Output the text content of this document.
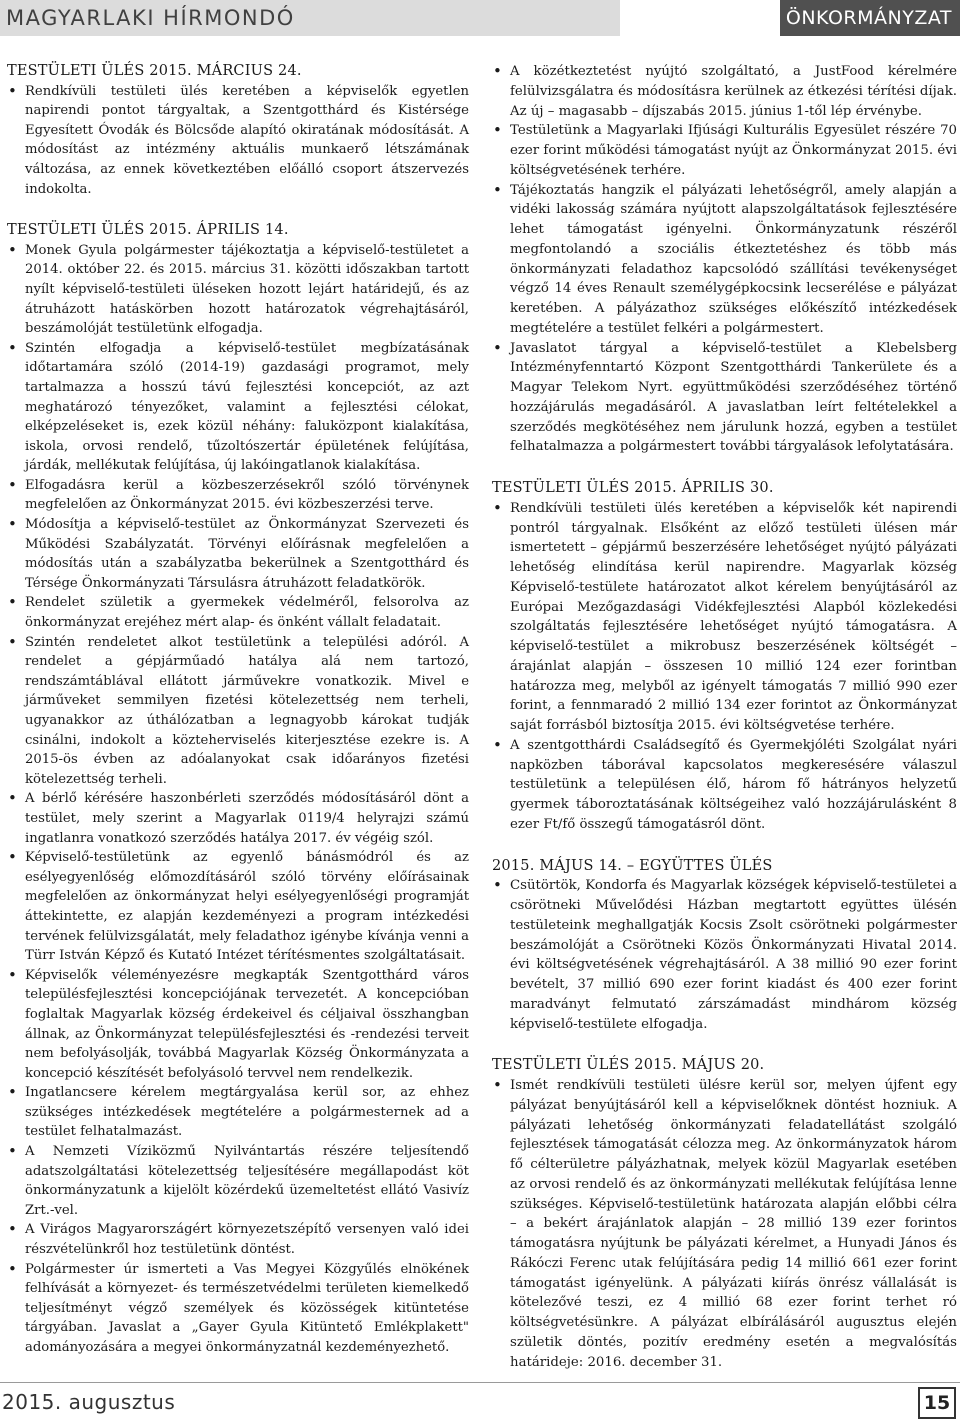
MAGYARLAKI HÍRMONDÓ	ÖNKORMÁNYZAT
TESTÜLETI ÜLÉS 2015. MÁRCIUS 24.
• Rendkívüli testületi ülés keretében a képviselők egyetlen napirendi pontot tárgyaltak, a Szentgotthárd és Kistérsége Egyesített Óvodák és Bölcsőde alapító okiratának módosítását. A módosítást az intézmény aktuális munkaerő létszámának változása, az ennek következtében előálló csoport átszervezés indokolta.
TESTÜLETI ÜLÉS 2015. ÁPRILIS 14.
• Monek Gyula polgármester tájékoztatja a képviselő-testületet a 2014. október 22. és 2015. március 31. közötti időszakban tartott nyílt képviselő-testületi üléseken hozott lejárt határidejű, és az átruházott hatáskörben hozott határozatok végrehajtásáról, beszámolóját testületünk elfogadja.
• Szintén elfogadja a képviselő-testület megbízatásának időtartamára szóló (2014-19) gazdasági programot, mely tartalmazza a hosszú távú fejlesztési koncepciót, az azt meghatározó tényezőket, valamint a fejlesztési célokat, elképzeléseket is, ezek közül néhány: faluközpont kialakítása, iskola, orvosi rendelő, tűzoltószertár épületének felújítása, járdák, mellékutak felújítása, új lakóingatlanok kialakítása.
• Elfogadásra kerül a közbeszerzésekről szóló törvénynek megfelelően az Önkormányzat 2015. évi közbeszerzési terve.
• Módosítja a képviselő-testület az Önkormányzat Szervezeti és Működési Szabályzatát. Törvényi előírásnak megfelelően a módosítás után a szabályzatba bekerülnek a Szentgotthárd és Térsége Önkormányzati Társulásra átruházott feladatkörök.
• Rendelet születik a gyermekek védelméről, felsorolva az önkormányzat erejéhez mért alap- és önként vállalt feladatait.
• Szintén rendeletet alkot testületünk a települési adóról. A rendelet a gépjárműadó hatálya alá nem tartozó, rendszámtáblával ellátott járművekre vonatkozik. Mivel e járműveket semmilyen fizetési kötelezettség nem terheli, ugyanakkor az úthálózatban a legnagyobb károkat tudják csinálni, indokolt a közteherviselés kiterjesztése ezekre is. A 2015-ös évben az adóalanyokat csak időarányos fizetési kötelezettség terheli.
• A bérlő kérésére haszonbérleti szerződés módosításáról dönt a testület, mely szerint a Magyarlak 0119/4 helyrajzi számú ingatlanra vonatkozó szerződés hatálya 2017. év végéig szól.
• Képviselő-testületünk az egyenlő bánásmódról és az esélyegyenlőség előmozdításáról szóló törvény előírásainak megfelelően az önkormányzat helyi esélyegyenlőségi programját áttekintette, ez alapján kezdeményezi a program intézkedési tervének felülvizsgálatát, mely feladathoz igénybe kívánja venni a Türr István Képző és Kutató Intézet térítésmentes szolgáltatásait.
• Képviselők véleményezésre megkapták Szentgotthárd város településfejlesztési koncepciójának tervezetét. A koncepcióban foglaltak Magyarlak község érdekeivel és céljaival összhangban állnak, az Önkormányzat településfejlesztési és -rendezési terveit nem befolyásolják, továbbá Magyarlak Község Önkormányzata a koncepció készítését befolyásoló tervvel nem rendelkezik.
• Ingatlancsere kérelem megtárgyalása kerül sor, az ehhez szükséges intézkedések megtételére a polgármesternek ad a testület felhatalmazást.
• A Nemzeti Víziközmű Nyilvántartás részére teljesítendő adatszolgáltatási kötelezettség teljesítésére megállapodást köt önkormányzatunk a kijelölt közérdekű üzemeltetést ellátó Vasivíz Zrt.-vel.
• A Virágos Magyarországért környezetszépítő versenyen való idei részvételünkről hoz testületünk döntést.
• Polgármester úr ismerteti a Vas Megyei Közgyűlés elnökének felhívását a környezet- és természetvédelmi területen kiemelkedő teljesítményt végző személyek és közösségek kitüntetése tárgyában. Javaslat a „Gayer Gyula Kitüntető Emlékplakett" adományozására a megyei önkormányzatnál kezdeményezhető.
• A közétkeztetést nyújtó szolgáltató, a JustFood kérelmére felülvizsgálatra és módosításra kerülnek az étkezési térítési díjak. Az új – magasabb – díjszabás 2015. június 1-től lép érvénybe.
• Testületünk a Magyarlaki Ifjúsági Kulturális Egyesület részére 70 ezer forint működési támogatást nyújt az Önkormányzat 2015. évi költségvetésének terhére.
• Tájékoztatás hangzik el pályázati lehetőségről, amely alapján a vidéki lakosság számára nyújtott alapszolgáltatások fejlesztésére lehet támogatást igényelni. Önkormányzatunk részéről megfontolandó a szociális étkeztetéshez és több más önkormányzati feladathoz kapcsolódó szállítási tevékenységet végző 14 éves Renault személygépkocsink lecserélése e pályázat keretében. A pályázathoz szükséges előkészítő intézkedések megtételére a testület felkéri a polgármestert.
• Javaslatot tárgyal a képviselő-testület a Klebelsberg Intézményfenntartó Központ Szentgotthárdi Tankerülete és a Magyar Telekom Nyrt. együttműködési szerződéséhez történő hozzájárulás megadásáról. A javaslatban leírt feltételekkel a szerződés megkötéséhez nem járulunk hozzá, egyben a testület felhatalmazza a polgármestert további tárgyalások lefolytatására.
TESTÜLETI ÜLÉS 2015. ÁPRILIS 30.
• Rendkívüli testületi ülés keretében a képviselők két napirendi pontról tárgyalnak. Elsőként az előző testületi ülésen már ismertetett – gépjármű beszerzésére lehetőséget nyújtó pályázati lehetőség elindítása kerül napirendre. Magyarlak község Képviselő-testülete határozatot alkot kérelem benyújtásáról az Európai Mezőgazdasági Vidékfejlesztési Alapból közlekedési szolgáltatás fejlesztésére lehetőséget nyújtó támogatásra. A képviselő-testület a mikrobusz beszerzésének költségét – árajánlat alapján – összesen 10 millió 124 ezer forintban határozza meg, melyből az igényelt támogatás 7 millió 990 ezer forint, a fennmaradó 2 millió 134 ezer forintot az Önkormányzat saját forrásból biztosítja 2015. évi költségvetése terhére.
• A szentgotthárdi Családsegítő és Gyermekjóléti Szolgálat nyári napközben táborával kapcsolatos megkeresésére válaszul testületünk a településen élő, három fő hátrányos helyzetű gyermek táboroztatásának költségeihez való hozzájárulásként 8 ezer Ft/fő összegű támogatásról dönt.
2015. MÁJUS 14. – EGYÜTTES ÜLÉS
• Csütörtök, Kondorfa és Magyarlak községek képviselő-testületei a csörötneki Művelődési Házban megtartott együttes ülésén testületeink meghallgatják Kocsis Zsolt csörötneki polgármester beszámolóját a Csörötneki Közös Önkormányzati Hivatal 2014. évi költségvetésének végrehajtásáról. A 38 millió 90 ezer forint bevételt, 37 millió 690 ezer forint kiadást és 400 ezer forint maradványt felmutató zárszámadást mindhárom község képviselő-testülete elfogadja.
TESTÜLETI ÜLÉS 2015. MÁJUS 20.
• Ismét rendkívüli testületi ülésre kerül sor, melyen újfent egy pályázat benyújtásáról kell a képviselőknek döntést hozniuk. A pályázati lehetőség önkormányzati feladatellátást szolgáló fejlesztések támogatását célozza meg. Az önkormányzatok három fő célterületre pályázhatnak, melyek közül Magyarlak esetében az orvosi rendelő és az önkormányzati mellékutak felújítása lenne szükséges. Képviselő-testületünk határozata alapján előbbi célra – a bekért árajánlatok alapján – 28 millió 139 ezer forintos támogatásra nyújtunk be pályázati kérelmet, a Hunyadi János és Rákóczi Ferenc utak felújítására pedig 14 millió 661 ezer forint támogatást igényelünk. A pályázati kiírás önrész vállalását is kötelezővé teszi, ez 4 millió 68 ezer forint terhet ró költségvetésünkre. A pályázat elbírálásáról augusztus elején születik döntés, pozitív eredmény esetén a megvalósítás határideje: 2016. december 31.
2015. augusztus	15
